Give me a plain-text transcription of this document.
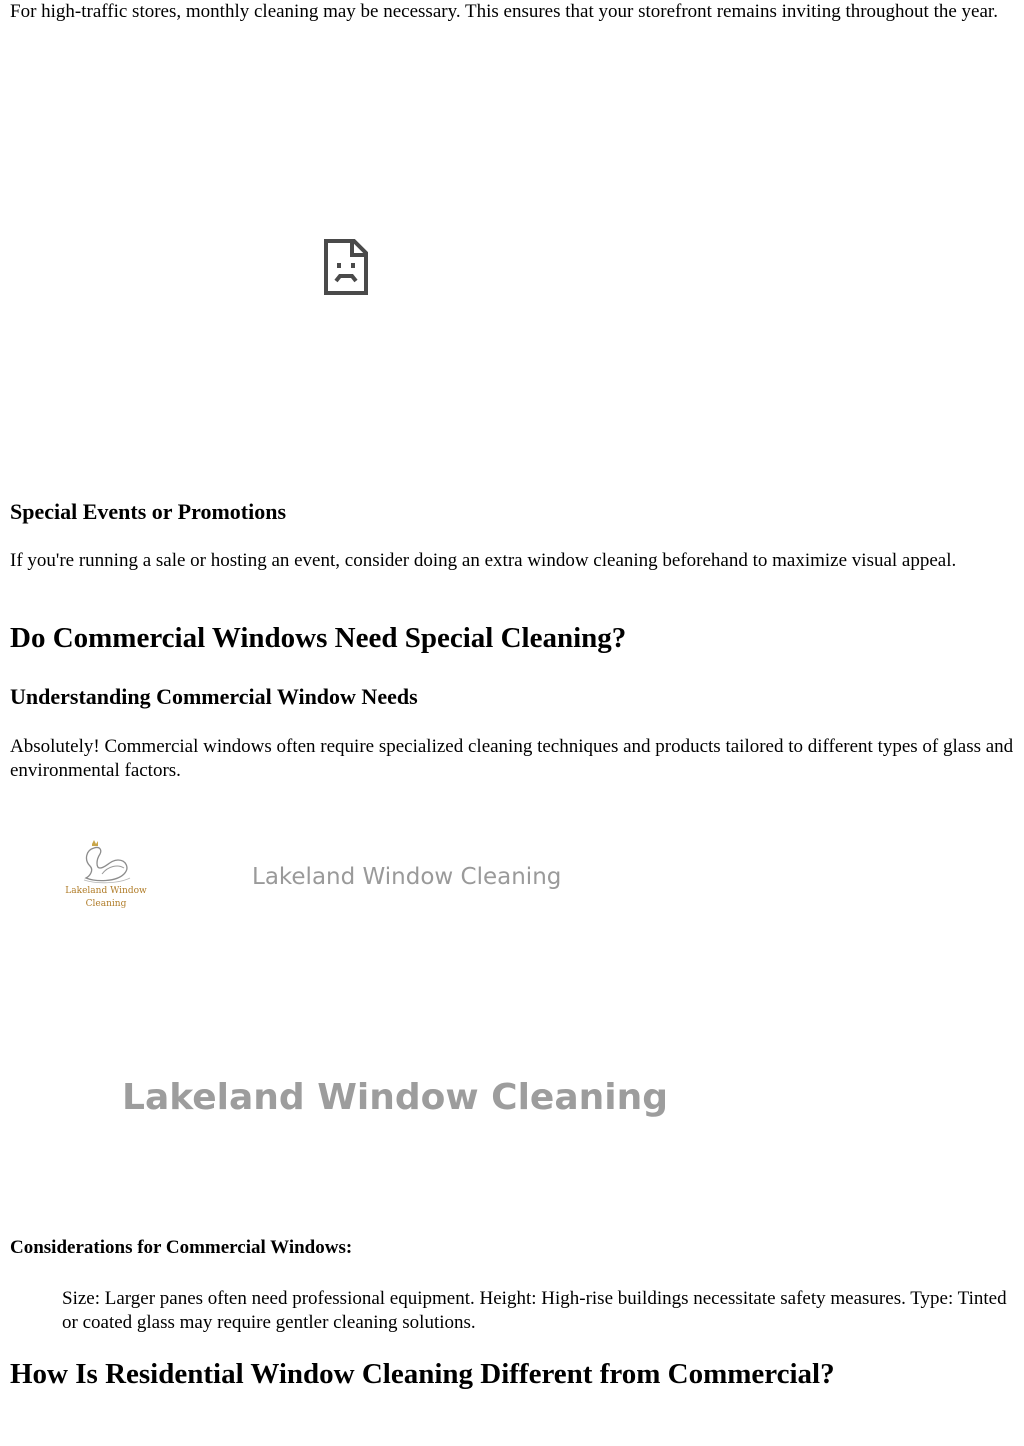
For high-traffic stores, monthly cleaning may be necessary. This ensures that your storefront remains inviting throughout the year.

Special Events or Promotions

If you're running a sale or hosting an event, consider doing an extra window cleaning beforehand to maximize visual appeal.

Do Commercial Windows Need Special Cleaning?
Understanding Commercial Window Needs

Absolutely! Commercial windows often require specialized cleaning techniques and products tailored to different types of glass and environmental factors.

Lakeland Window
Cleaning

Lakeland Window Cleaning

Lakeland Window Cleaning

Considerations for Commercial Windows:

Size: Larger panes often need professional equipment. Height: High-rise buildings necessitate safety measures. Type: Tinted or coated glass may require gentler cleaning solutions.

How Is Residential Window Cleaning Different from Commercial?
